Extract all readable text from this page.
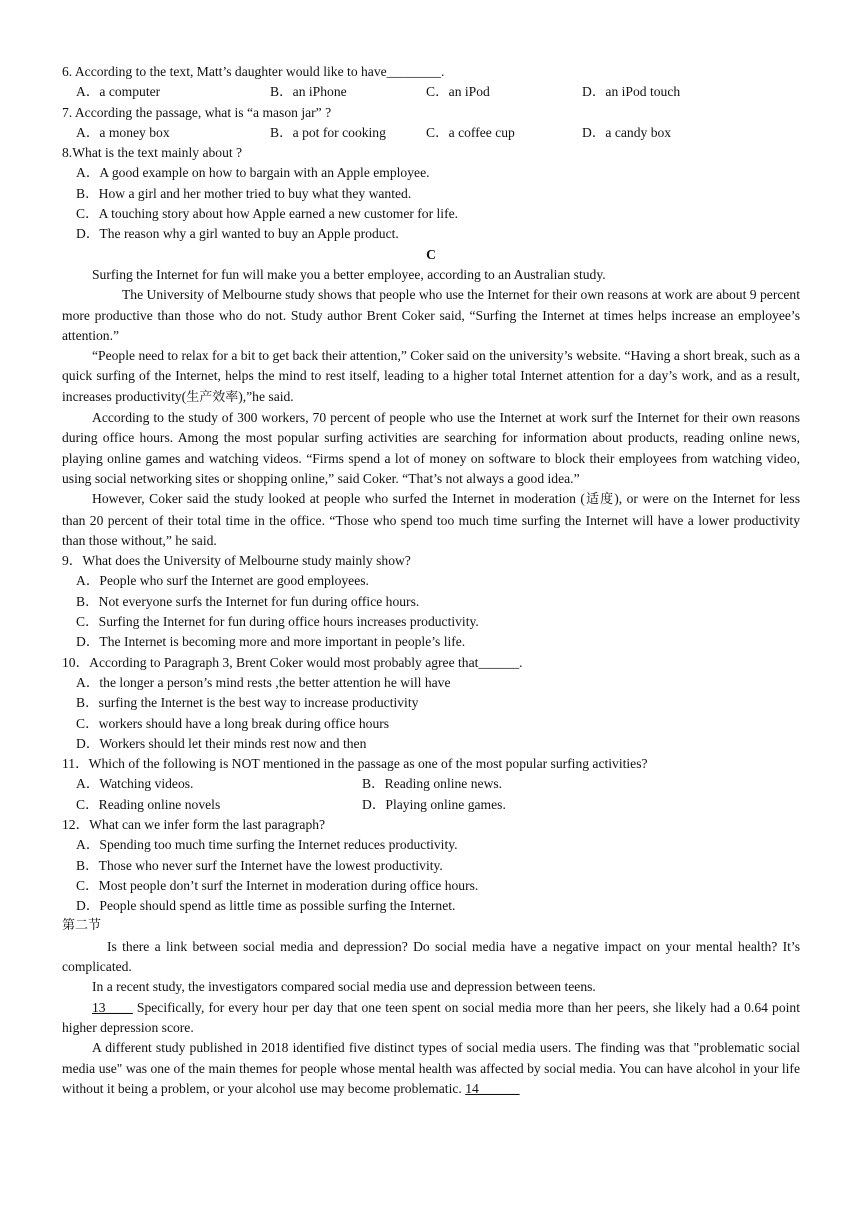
6. According to the text, Matt’s daughter would like to have________.
A．a computer	B．an iPhone	C．an iPod	D．an iPod touch
7. According the passage, what is “a mason jar” ?
A．a money box	B．a pot for cooking	C．a coffee cup	D．a candy box
8.What is the text mainly about ?
A．A good example on how to bargain with an Apple employee.
B．How a girl and her mother tried to buy what they wanted.
C．A touching story about how Apple earned a new customer for life.
D．The reason why a girl wanted to buy an Apple product.
C
Surfing the Internet for fun will make you a better employee, according to an Australian study.
The University of Melbourne study shows that people who use the Internet for their own reasons at work are about 9 percent more productive than those who do not. Study author Brent Coker said, “Surfing the Internet at times helps increase an employee’s attention.”
“People need to relax for a bit to get back their attention,” Coker said on the university’s website. “Having a short break, such as a quick surfing of the Internet, helps the mind to rest itself, leading to a higher total Internet attention for a day’s work, and as a result, increases productivity(生产效率),”he said.
According to the study of 300 workers, 70 percent of people who use the Internet at work surf the Internet for their own reasons during office hours. Among the most popular surfing activities are searching for information about products, reading online news, playing online games and watching videos. “Firms spend a lot of money on software to block their employees from watching video, using social networking sites or shopping online,” said Coker. “That’s not always a good idea.”
However, Coker said the study looked at people who surfed the Internet in moderation (适度), or were on the Internet for less than 20 percent of their total time in the office. “Those who spend too much time surfing the Internet will have a lower productivity than those without,” he said.
9．What does the University of Melbourne study mainly show?
A．People who surf the Internet are good employees.
B．Not everyone surfs the Internet for fun during office hours.
C．Surfing the Internet for fun during office hours increases productivity.
D．The Internet is becoming more and more important in people’s life.
10．According to Paragraph 3, Brent Coker would most probably agree that______.
A．the longer a person’s mind rests ,the better attention he will have
B．surfing the Internet is the best way to increase productivity
C．workers should have a long break during office hours
D．Workers should let their minds rest now and then
11．Which of the following is NOT mentioned in the passage as one of the most popular surfing activities?
A．Watching videos.	B．Reading online news.
C．Reading online novels	D．Playing online games.
12．What can we infer form the last paragraph?
A．Spending too much time surfing the Internet reduces productivity.
B．Those who never surf the Internet have the lowest productivity.
C．Most people don’t surf the Internet in moderation during office hours.
D．People should spend as little time as possible surfing the Internet.
第二节
Is there a link between social media and depression? Do social media have a negative impact on your mental health? It’s complicated.
In a recent study, the investigators compared social media use and depression between teens.
13____ Specifically, for every hour per day that one teen spent on social media more than her peers, she likely had a 0.64 point higher depression score.
A different study published in 2018 identified five distinct types of social media users. The finding was that "problematic social media use" was one of the main themes for people whose mental health was affected by social media. You can have alcohol in your life without it being a problem, or your alcohol use may become problematic. 14______
